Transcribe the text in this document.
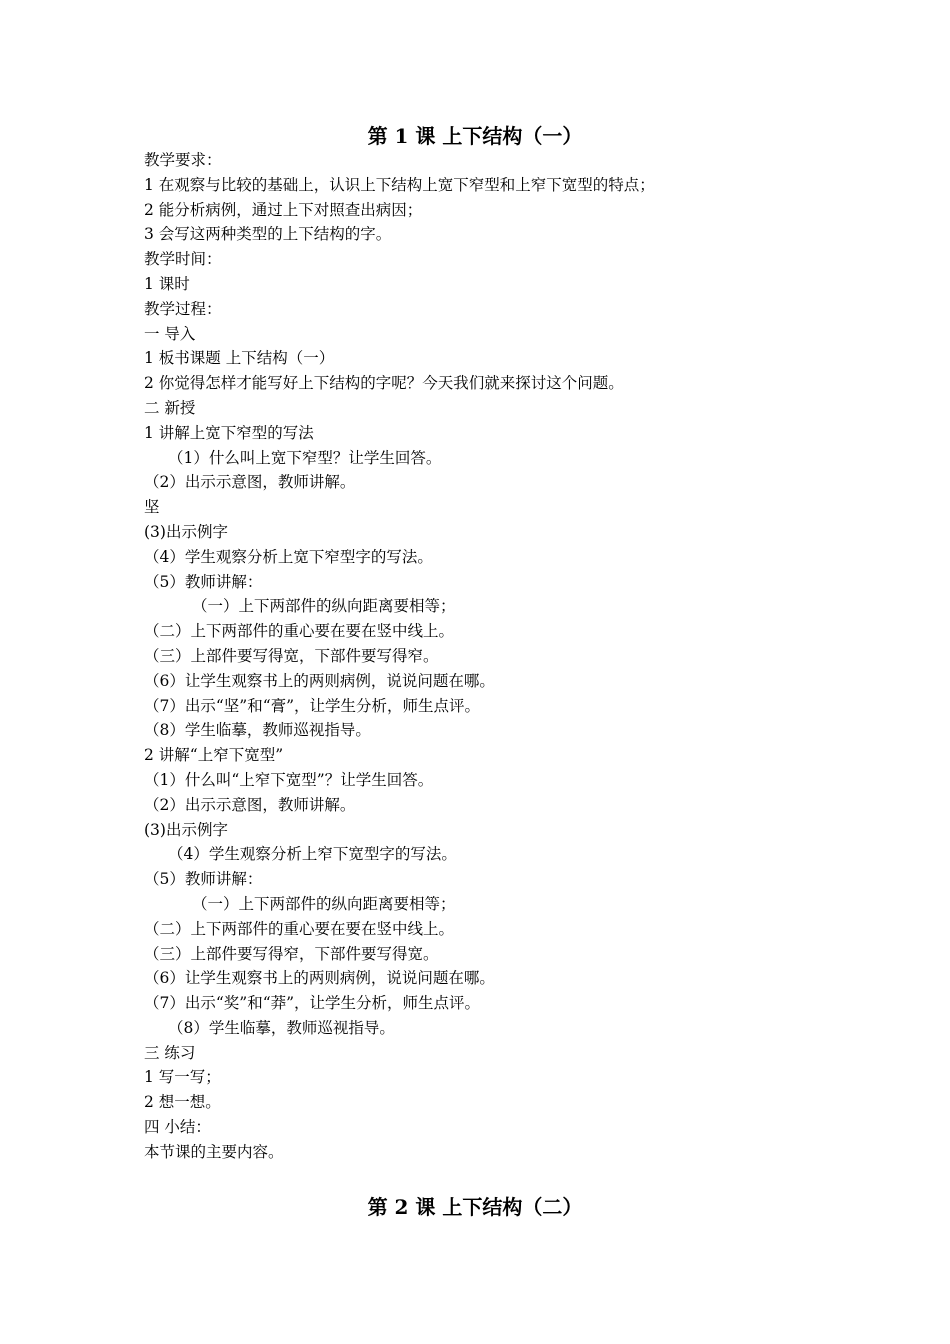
第 1 课 上下结构（一）
教学要求：
1 在观察与比较的基础上，认识上下结构上宽下窄型和上窄下宽型的特点；
2 能分析病例，通过上下对照查出病因；
3 会写这两种类型的上下结构的字。
教学时间：
1 课时
教学过程：
一 导入
1 板书课题 上下结构（一）
2 你觉得怎样才能写好上下结构的字呢？今天我们就来探讨这个问题。
二 新授
1 讲解上宽下窄型的写法
（1）什么叫上宽下窄型？让学生回答。
（2）出示示意图，教师讲解。
坚
(3)出示例字
（4）学生观察分析上宽下窄型字的写法。
（5）教师讲解：
（一）上下两部件的纵向距离要相等；
（二）上下两部件的重心要在要在竖中线上。
（三）上部件要写得宽，下部件要写得窄。
（6）让学生观察书上的两则病例，说说问题在哪。
（7）出示“坚”和“膏”，让学生分析，师生点评。
（8）学生临摹，教师巡视指导。
2 讲解“上窄下宽型”
（1）什么叫“上窄下宽型”？让学生回答。
（2）出示示意图，教师讲解。
(3)出示例字
（4）学生观察分析上窄下宽型字的写法。
（5）教师讲解：
（一）上下两部件的纵向距离要相等；
（二）上下两部件的重心要在要在竖中线上。
（三）上部件要写得窄，下部件要写得宽。
（6）让学生观察书上的两则病例，说说问题在哪。
（7）出示“奖”和“莽”，让学生分析，师生点评。
（8）学生临摹，教师巡视指导。
三 练习
1 写一写；
2 想一想。
四 小结：
本节课的主要内容。
第 2 课 上下结构（二）
